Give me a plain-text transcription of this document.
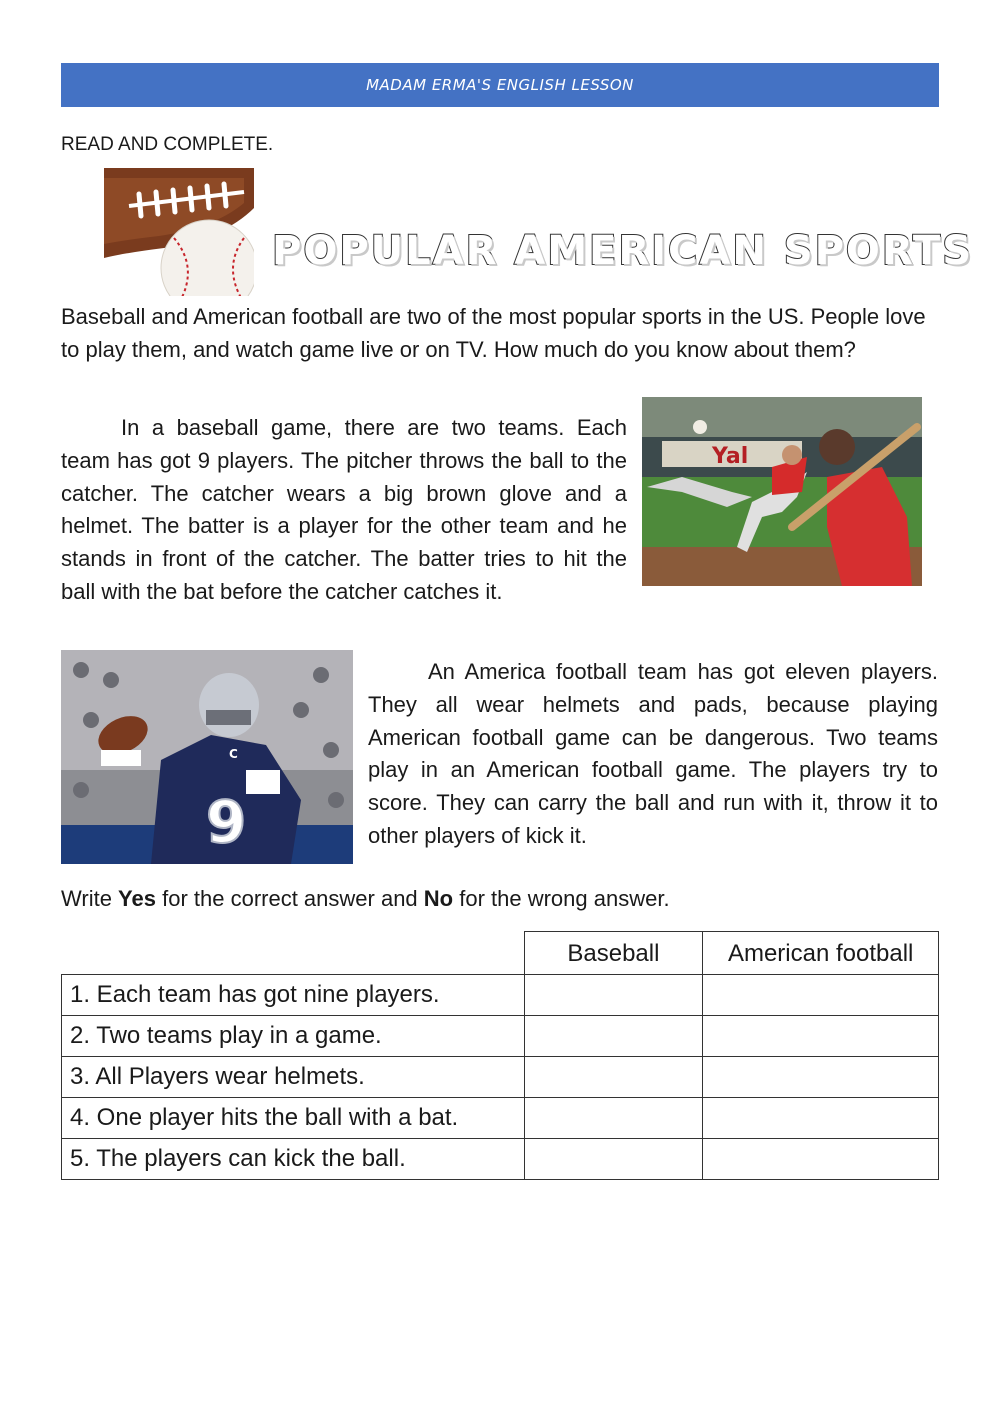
MADAM ERMA'S ENGLISH LESSON
READ AND COMPLETE.
POPULAR AMERICAN SPORTS
Baseball and American football are two of the most popular sports in the US. People love to play them, and watch game live or on TV. How much do you know about them?
In a baseball game, there are two teams. Each team has got 9 players. The pitcher throws the ball to the catcher. The catcher wears a big brown glove and a helmet. The batter is a player for the other team and he stands in front of the catcher. The batter tries to hit the ball with the bat before the catcher catches it.
Yal
9
C
An America football team has got eleven players. They all wear helmets and pads, because playing American football game can be dangerous. Two teams play in an American football game. The players try to score. They can carry the ball and run with it, throw it to other players of kick it.
Write Yes for the correct answer and No for the wrong answer.
	Baseball	American football
1. Each team has got nine players.		
2. Two teams play in a game.		
3. All Players wear helmets.		
4. One player hits the ball with a bat.		
5. The players can kick the ball.		
